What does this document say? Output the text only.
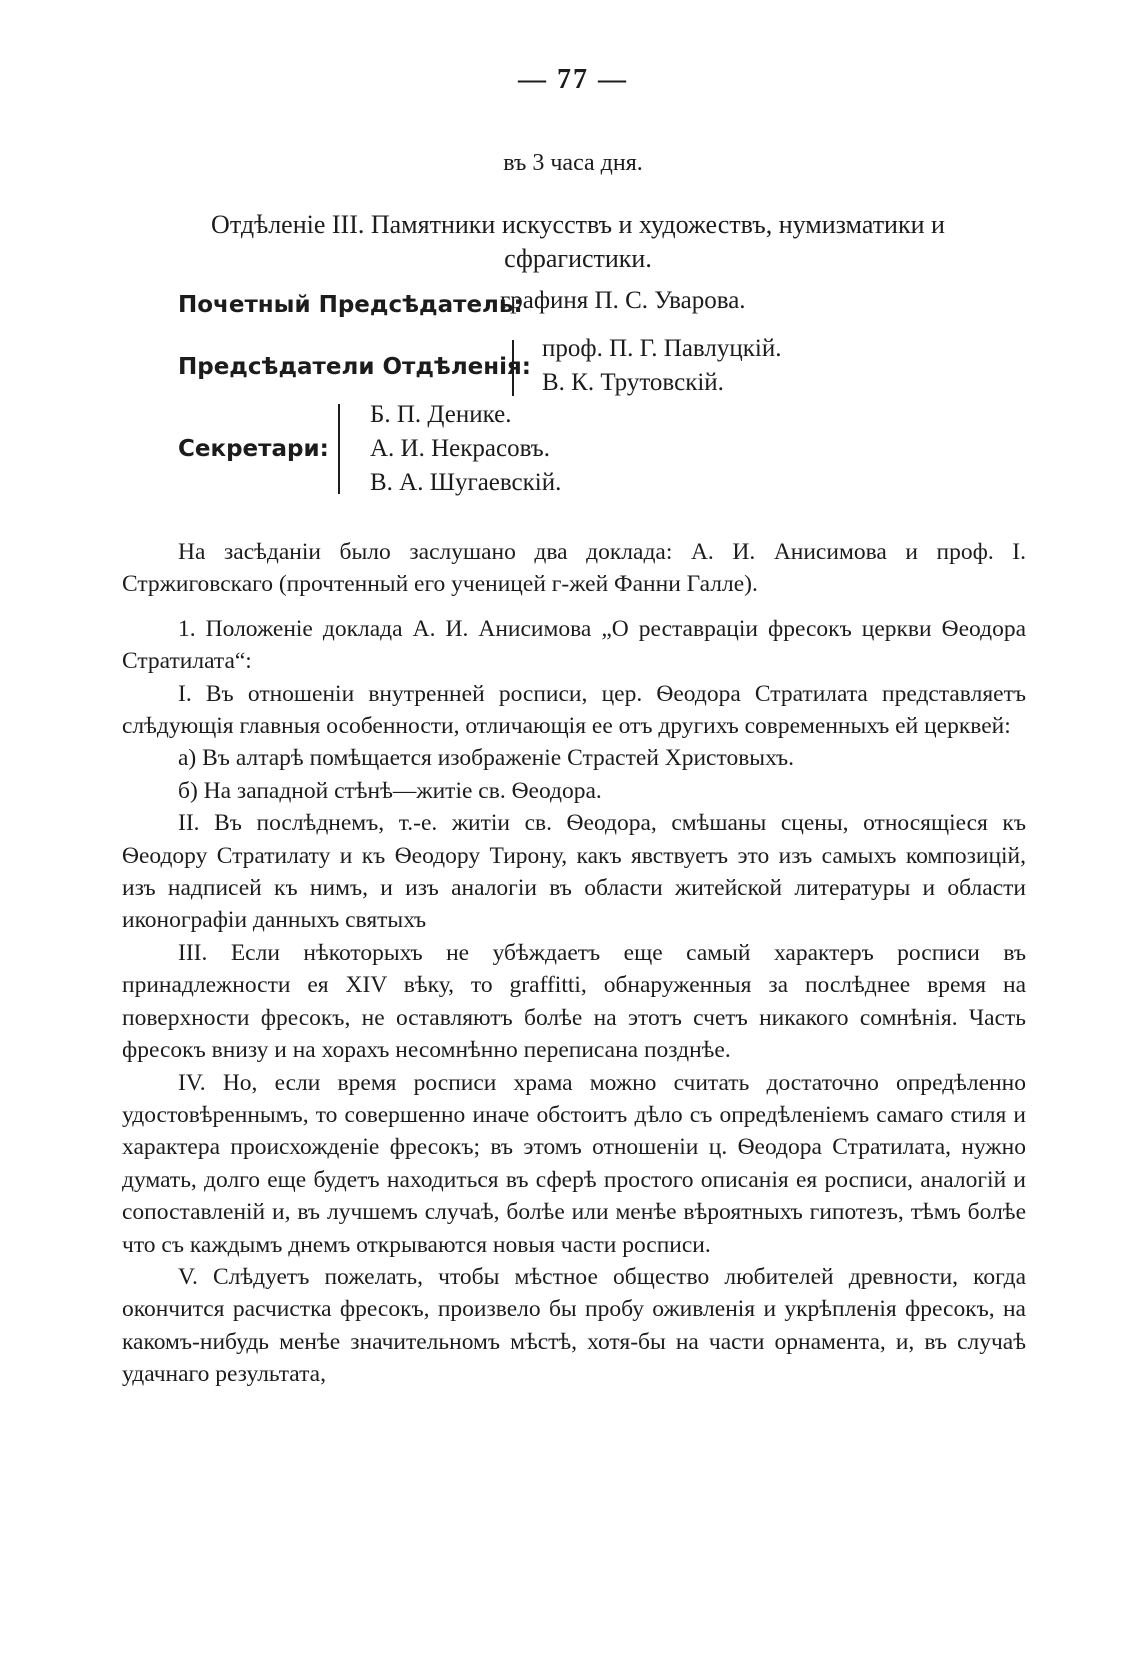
— 77 —
въ 3 часа дня.
Отдѣленіе III. Памятники искусствъ и художествъ, нумизматики и
сфрагистики.
Почетный Предсѣдатель:
графиня П. С. Уварова.
Предсѣдатели Отдѣленія:
проф. П. Г. Павлуцкій.
В. К. Трутовскій.
Секретари:
Б. П. Денике.
А. И. Некрасовъ.
В. А. Шугаевскій.

На засѣданіи было заслушано два доклада: А. И. Анисимова и проф. I. Стржиговскаго (прочтенный его ученицей г-жей Фанни Галле).

1. Положеніе доклада А. И. Анисимова „О реставраціи фресокъ церкви Ѳеодора Стратилата“:

I. Въ отношеніи внутренней росписи, цер. Ѳеодора Стратилата представляетъ слѣдующія главныя особенности, отличающія ее отъ другихъ современныхъ ей церквей:

а) Въ алтарѣ помѣщается изображеніе Страстей Христовыхъ.

б) На западной стѣнѣ—житіе св. Ѳеодора.

II. Въ послѣднемъ, т.-е. житіи св. Ѳеодора, смѣшаны сцены, относящіеся къ Ѳеодору Стратилату и къ Ѳеодору Тирону, какъ явствуетъ это изъ самыхъ композицій, изъ надписей къ нимъ, и изъ аналогіи въ области житейской литературы и области иконографіи данныхъ святыхъ

III. Если нѣкоторыхъ не убѣждаетъ еще самый характеръ росписи въ принадлежности ея XIV вѣку, то graffitti, обнаруженныя за послѣднее время на поверхности фресокъ, не оставляютъ болѣе на этотъ счетъ никакого сомнѣнія. Часть фресокъ внизу и на хорахъ несомнѣнно переписана позднѣе.

IV. Но, если время росписи храма можно считать достаточно опредѣленно удостовѣреннымъ, то совершенно иначе обстоитъ дѣло съ опредѣленіемъ самаго стиля и характера происхожденіе фресокъ; въ этомъ отношеніи ц. Ѳеодора Стратилата, нужно думать, долго еще будетъ находиться въ сферѣ простого описанія ея росписи, аналогій и сопоставленій и, въ лучшемъ случаѣ, болѣе или менѣе вѣроятныхъ гипотезъ, тѣмъ болѣе что съ каждымъ днемъ открываются новыя части росписи.

V. Слѣдуетъ пожелать, чтобы мѣстное общество любителей древности, когда окончится расчистка фресокъ, произвело бы пробу оживленія и укрѣпленія фресокъ, на какомъ-нибудь менѣе значительномъ мѣстѣ, хотя-бы на части орнамента, и, въ случаѣ удачнаго результата,
